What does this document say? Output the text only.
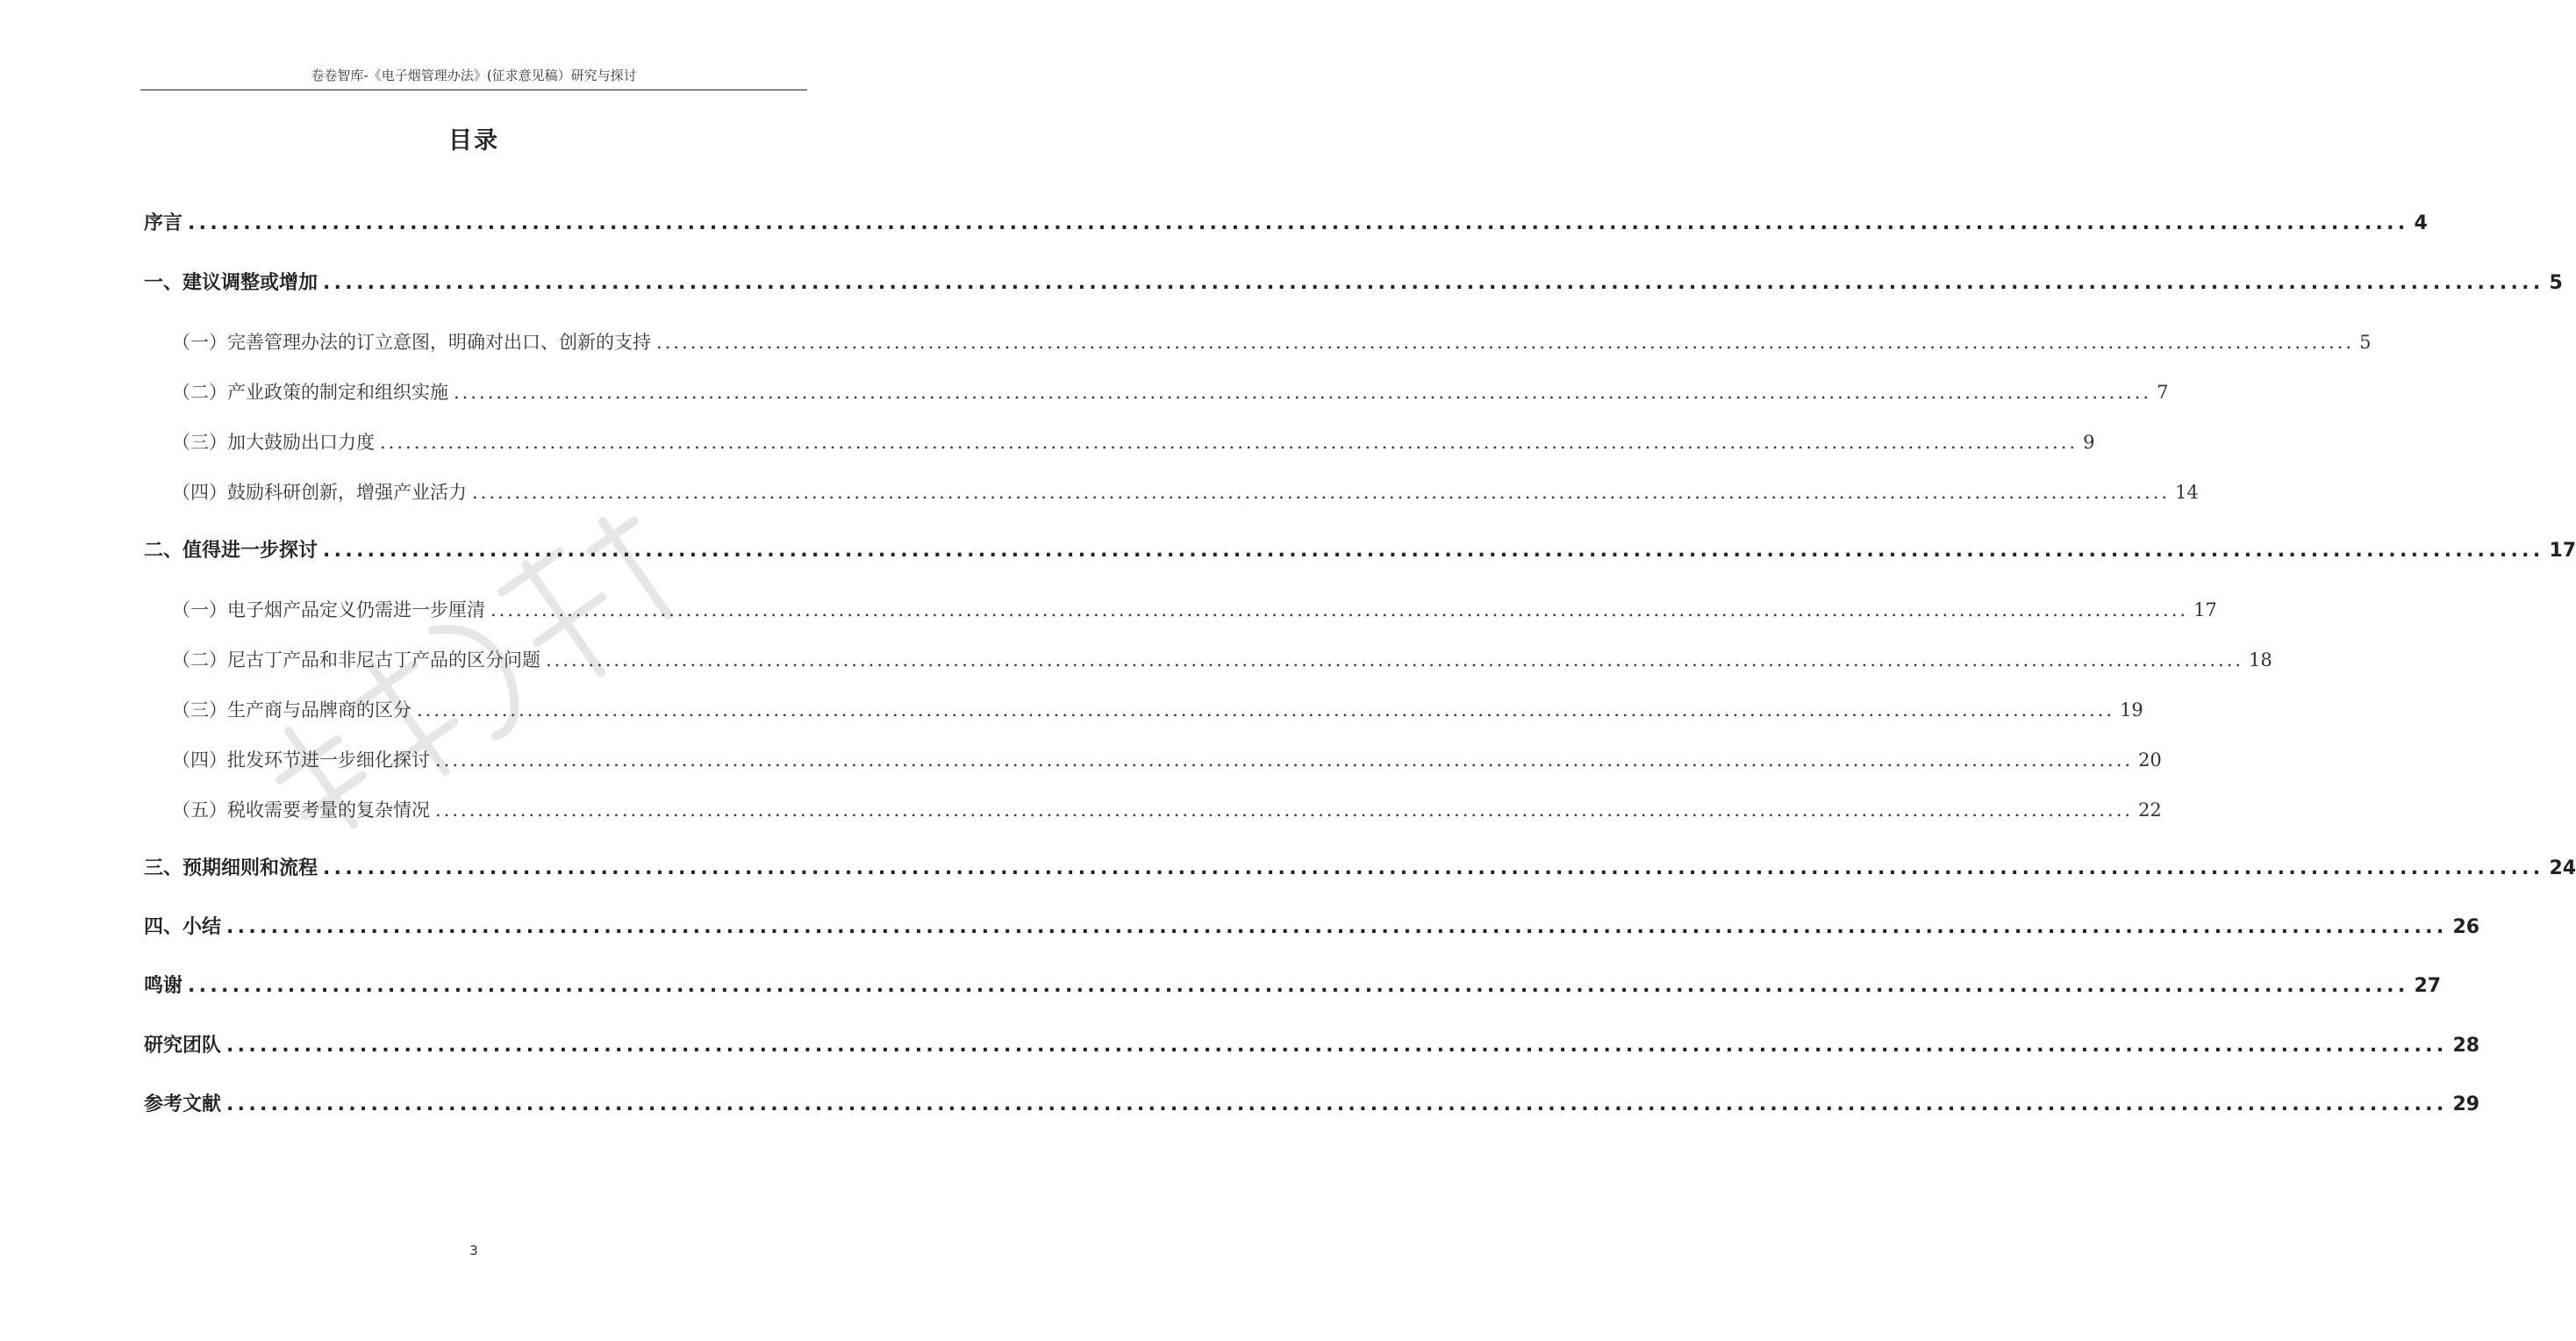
卷卷智库-《电子烟管理办法》(征求意见稿）研究与探讨
目录
序言 ........................................................................................................................................................................................................ 4
一、建议调整或增加 ........................................................................................................................................................................................................ 5
（一）完善管理办法的订立意图，明确对出口、创新的支持 ........................................................................................................................................................................................................ 5
（二）产业政策的制定和组织实施 ........................................................................................................................................................................................................ 7
（三）加大鼓励出口力度 ........................................................................................................................................................................................................ 9
（四）鼓励科研创新，增强产业活力 ........................................................................................................................................................................................................ 14
二、值得进一步探讨 ........................................................................................................................................................................................................ 17
（一）电子烟产品定义仍需进一步厘清 ........................................................................................................................................................................................................ 17
（二）尼古丁产品和非尼古丁产品的区分问题 ........................................................................................................................................................................................................ 18
（三）生产商与品牌商的区分 ........................................................................................................................................................................................................ 19
（四）批发环节进一步细化探讨 ........................................................................................................................................................................................................ 20
（五）税收需要考量的复杂情况 ........................................................................................................................................................................................................ 22
三、预期细则和流程 ........................................................................................................................................................................................................ 24
四、小结 ........................................................................................................................................................................................................ 26
鸣谢 ........................................................................................................................................................................................................ 27
研究团队 ........................................................................................................................................................................................................ 28
参考文献 ........................................................................................................................................................................................................ 29
3
